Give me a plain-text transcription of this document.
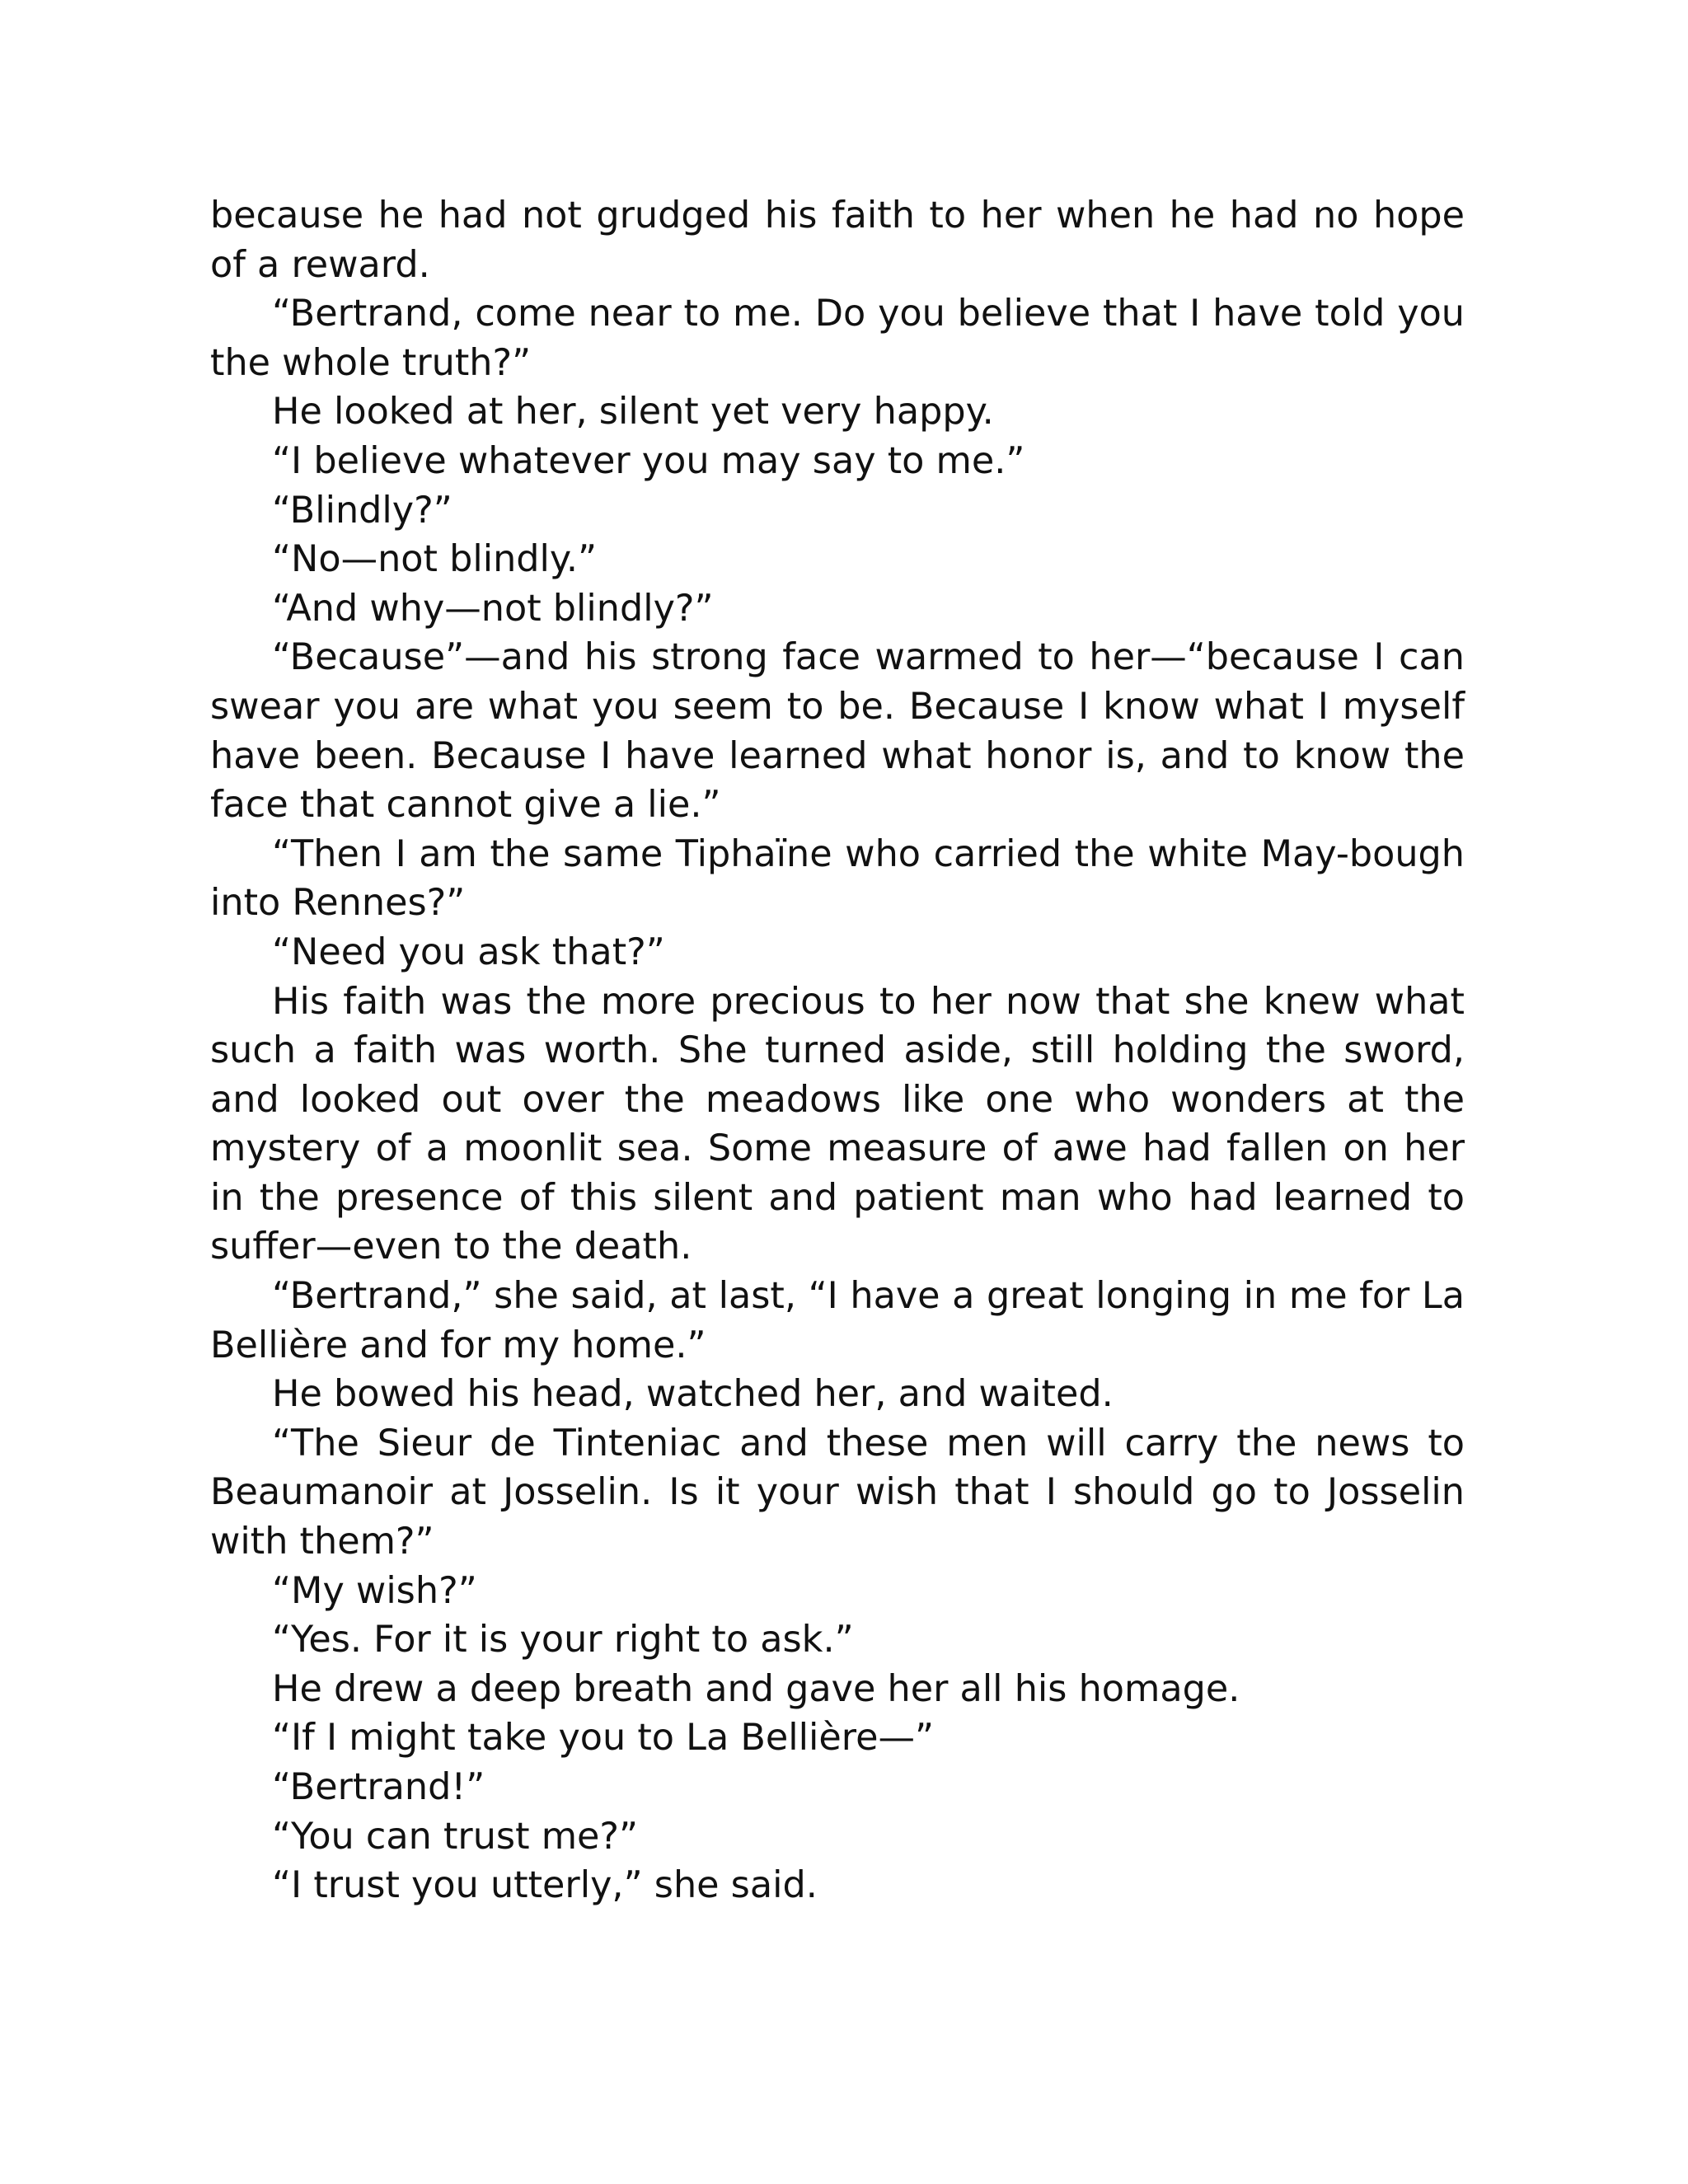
because he had not grudged his faith to her when he had no hope of a reward.

“Bertrand, come near to me. Do you believe that I have told you the whole truth?”

He looked at her, silent yet very happy.

“I believe whatever you may say to me.”

“Blindly?”

“No—not blindly.”

“And why—not blindly?”

“Because”—and his strong face warmed to her—“because I can swear you are what you seem to be. Because I know what I myself have been. Because I have learned what honor is, and to know the face that cannot give a lie.”

“Then I am the same Tiphaïne who carried the white May-bough into Rennes?”

“Need you ask that?”

His faith was the more precious to her now that she knew what such a faith was worth. She turned aside, still holding the sword, and looked out over the meadows like one who wonders at the mystery of a moonlit sea. Some measure of awe had fallen on her in the presence of this silent and patient man who had learned to suffer—even to the death.

“Bertrand,” she said, at last, “I have a great longing in me for La Bellière and for my home.”

He bowed his head, watched her, and waited.

“The Sieur de Tinteniac and these men will carry the news to Beaumanoir at Josselin. Is it your wish that I should go to Josselin with them?”

“My wish?”

“Yes. For it is your right to ask.”

He drew a deep breath and gave her all his homage.

“If I might take you to La Bellière—”

“Bertrand!”

“You can trust me?”

“I trust you utterly,” she said.
